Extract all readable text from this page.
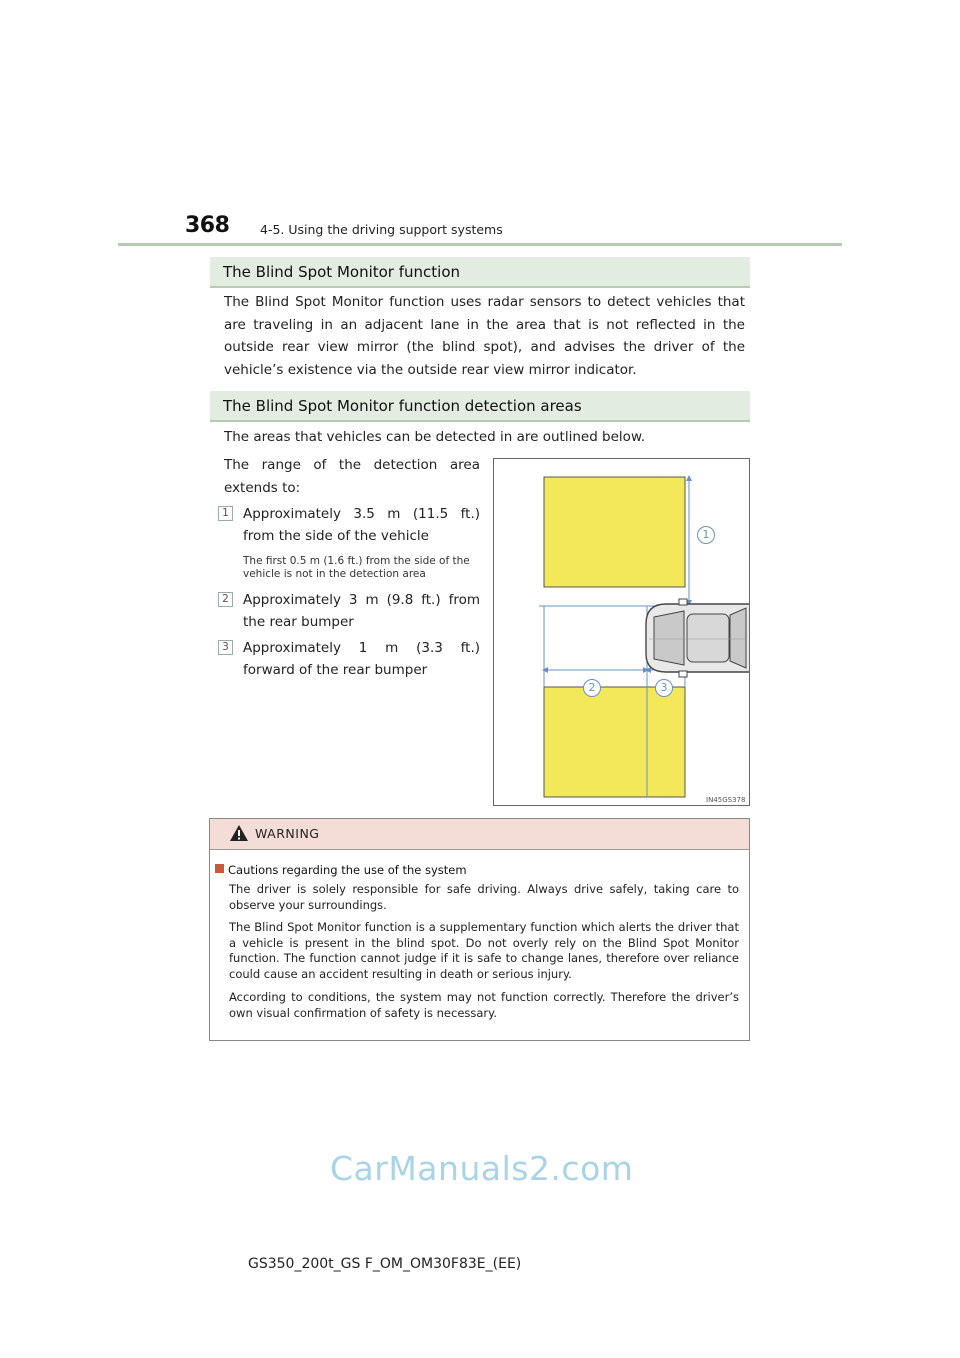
368 4-5. Using the driving support systems
The Blind Spot Monitor function
The Blind Spot Monitor function uses radar sensors to detect vehicles that are traveling in an adjacent lane in the area that is not reflected in the outside rear view mirror (the blind spot), and advises the driver of the vehicle’s existence via the outside rear view mirror indicator.
The Blind Spot Monitor function detection areas
The areas that vehicles can be detected in are outlined below.
The range of the detection area extends to:
1	Approximately 3.5 m (11.5 ft.) from the side of the vehicle
The first 0.5 m (1.6 ft.) from the side of the vehicle is not in the detection area
2	Approximately 3 m (9.8 ft.) from the rear bumper
3	Approximately 1 m (3.3 ft.) forward of the rear bumper
1
2	3
IN45GS378
WARNING
Cautions regarding the use of the system
The driver is solely responsible for safe driving. Always drive safely, taking care to observe your surroundings.
The Blind Spot Monitor function is a supplementary function which alerts the driver that a vehicle is present in the blind spot. Do not overly rely on the Blind Spot Monitor function. The function cannot judge if it is safe to change lanes, therefore over reliance could cause an accident resulting in death or serious injury.
According to conditions, the system may not function correctly. Therefore the driver’s own visual confirmation of safety is necessary.
CarManuals2.com
GS350_200t_GS F_OM_OM30F83E_(EE)
